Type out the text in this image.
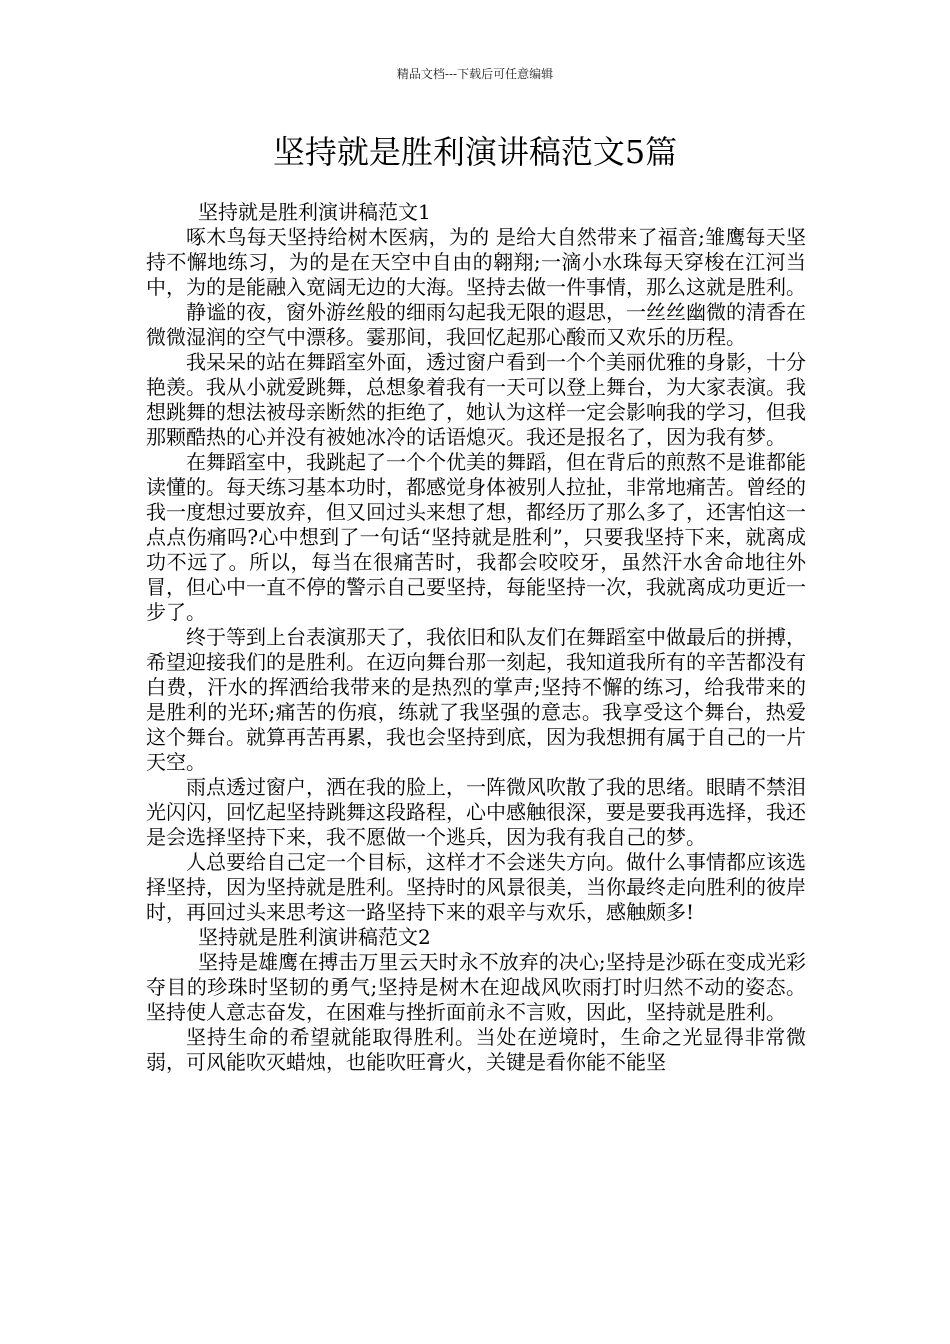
精品文档---下载后可任意编辑
坚持就是胜利演讲稿范文5篇

坚持就是胜利演讲稿范文1

啄木鸟每天坚持给树木医病，为的 是给大自然带来了福音;雏鹰每天坚持不懈地练习，为的是在天空中自由的翱翔;一滴小水珠每天穿梭在江河当中，为的是能融入宽阔无边的大海。坚持去做一件事情，那么这就是胜利。

静谧的夜，窗外游丝般的细雨勾起我无限的遐思，一丝丝幽微的清香在微微湿润的空气中漂移。霎那间，我回忆起那心酸而又欢乐的历程。

我呆呆的站在舞蹈室外面，透过窗户看到一个个美丽优雅的身影，十分艳羡。我从小就爱跳舞，总想象着我有一天可以登上舞台，为大家表演。我想跳舞的想法被母亲断然的拒绝了，她认为这样一定会影响我的学习，但我那颗酷热的心并没有被她冰冷的话语熄灭。我还是报名了，因为我有梦。

在舞蹈室中，我跳起了一个个优美的舞蹈，但在背后的煎熬不是谁都能读懂的。每天练习基本功时，都感觉身体被别人拉扯，非常地痛苦。曾经的我一度想过要放弃，但又回过头来想了想，都经历了那么多了，还害怕这一点点伤痛吗?心中想到了一句话“坚持就是胜利”，只要我坚持下来，就离成功不远了。所以，每当在很痛苦时，我都会咬咬牙，虽然汗水舍命地往外冒，但心中一直不停的警示自己要坚持，每能坚持一次，我就离成功更近一步了。

终于等到上台表演那天了，我依旧和队友们在舞蹈室中做最后的拼搏，希望迎接我们的是胜利。在迈向舞台那一刻起，我知道我所有的辛苦都没有白费，汗水的挥洒给我带来的是热烈的掌声;坚持不懈的练习，给我带来的是胜利的光环;痛苦的伤痕，练就了我坚强的意志。我享受这个舞台，热爱这个舞台。就算再苦再累，我也会坚持到底，因为我想拥有属于自己的一片天空。

雨点透过窗户，洒在我的脸上，一阵微风吹散了我的思绪。眼睛不禁泪光闪闪，回忆起坚持跳舞这段路程，心中感触很深，要是要我再选择，我还是会选择坚持下来，我不愿做一个逃兵，因为我有我自己的梦。

人总要给自己定一个目标，这样才不会迷失方向。做什么事情都应该选择坚持，因为坚持就是胜利。坚持时的风景很美，当你最终走向胜利的彼岸时，再回过头来思考这一路坚持下来的艰辛与欢乐，感触颇多!

坚持就是胜利演讲稿范文2

坚持是雄鹰在搏击万里云天时永不放弃的决心;坚持是沙砾在变成光彩夺目的珍珠时坚韧的勇气;坚持是树木在迎战风吹雨打时归然不动的姿态。坚持使人意志奋发，在困难与挫折面前永不言败，因此，坚持就是胜利。

坚持生命的希望就能取得胜利。当处在逆境时，生命之光显得非常微弱，可风能吹灭蜡烛，也能吹旺膏火，关键是看你能不能坚
